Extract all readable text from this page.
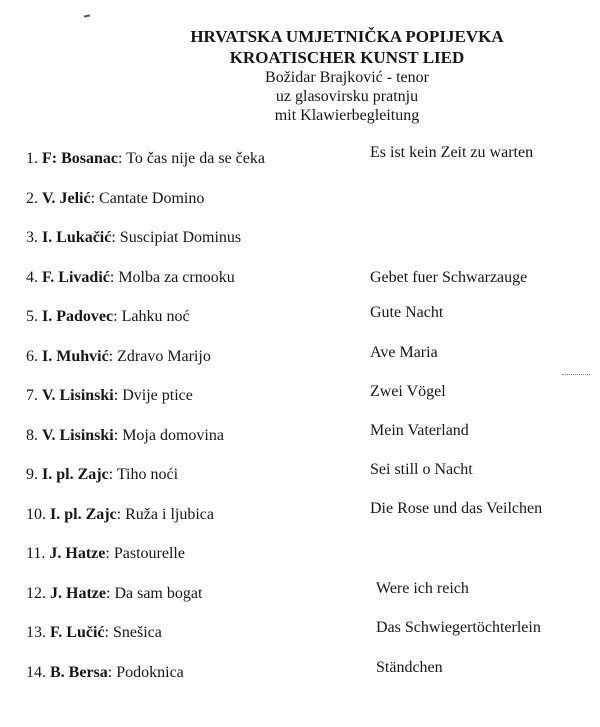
HRVATSKA UMJETNIČKA POPIJEVKA
KROATISCHER KUNST LIED
Božidar Brajković - tenor
uz glasovirsku pratnju
mit Klawierbegleitung
1. F: Bosanac: To čas nije da se čeka	Es ist kein Zeit zu warten
2. V. Jelić: Cantate Domino
3. I. Lukačić: Suscipiat Dominus
4. F. Livadić: Molba za crnooku	Gebet fuer Schwarzauge
5. I. Padovec: Lahku noć	Gute Nacht
6. I. Muhvić: Zdravo Marijo	Ave Maria
7. V. Lisinski: Dvije ptice	Zwei Vögel
8. V. Lisinski: Moja domovina	Mein Vaterland
9. I. pl. Zajc: Tiho noći	Sei still o Nacht
10. I. pl. Zajc: Ruža i ljubica	Die Rose und das Veilchen
11. J. Hatze: Pastourelle
12. J. Hatze: Da sam bogat	Were ich reich
13. F. Lučić: Snešica	Das Schwiegertöchterlein
14. B. Bersa: Podoknica	Ständchen
